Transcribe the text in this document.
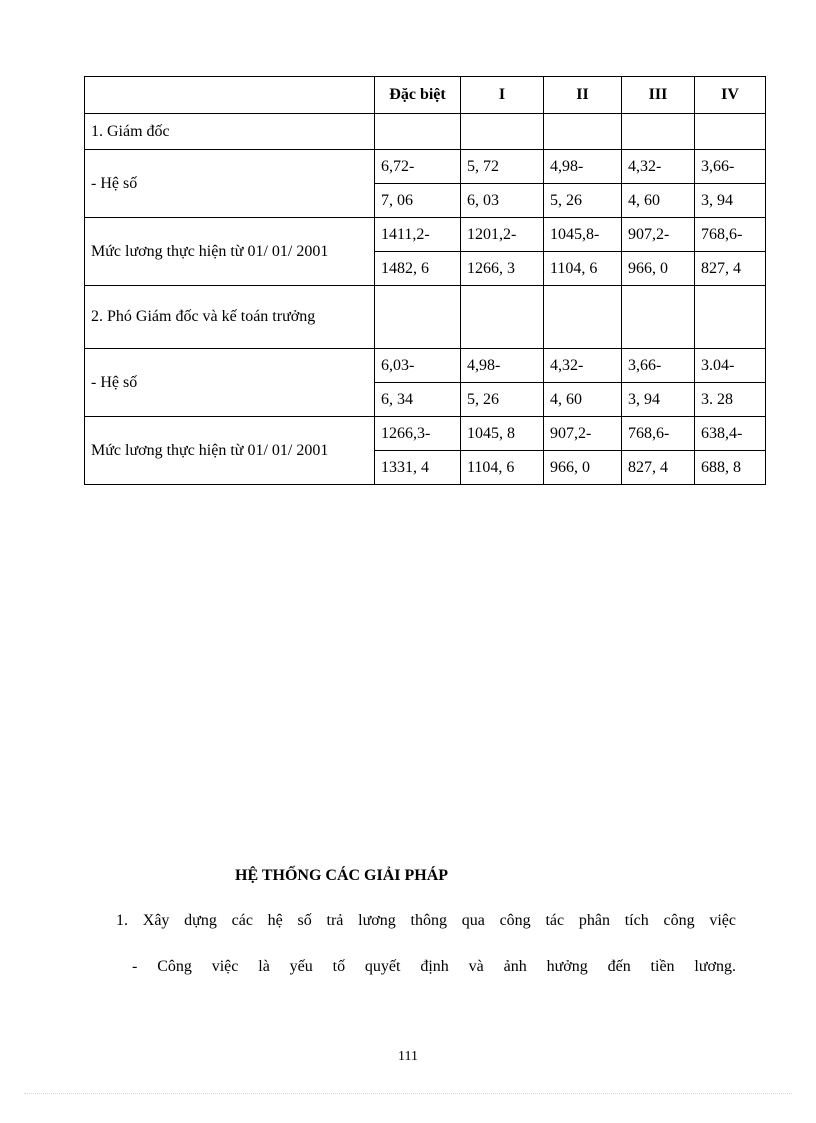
	Đặc biệt	I	II	III	IV
1. Giám đốc					
- Hệ số	6,72-	5, 72	4,98-	4,32-	3,66-
	7, 06	6, 03	5, 26	4, 60	3, 94
Mức lương thực hiện từ 01/ 01/ 2001	1411,2-	1201,2-	1045,8-	907,2-	768,6-
	1482, 6	1266, 3	1104, 6	966, 0	827, 4
2. Phó Giám đốc và kế toán trưởng					
- Hệ số	6,03-	4,98-	4,32-	3,66-	3.04-
	6, 34	5, 26	4, 60	3, 94	3. 28
Mức lương thực hiện từ 01/ 01/ 2001	1266,3-	1045, 8	907,2-	768,6-	638,4-
	1331, 4	1104, 6	966, 0	827, 4	688, 8
HỆ THỐNG CÁC GIẢI PHÁP
1. Xây dựng các hệ số trả lương thông qua công tác phân tích công việc
- Công việc là yếu tố quyết định và ảnh hưởng đến tiền lương.
111
